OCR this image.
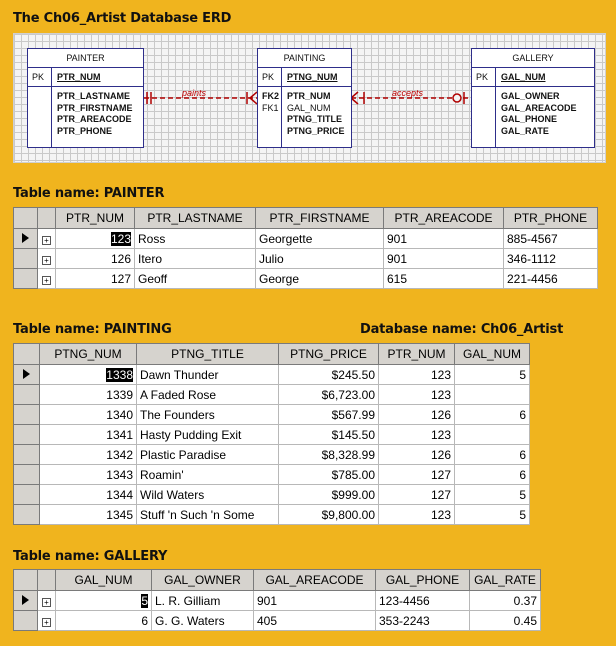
The Ch06_Artist Database ERD
paints	accepts
PAINTER
PK	PTR_NUM
PTR_LASTNAME
PTR_FIRSTNAME
PTR_AREACODE
PTR_PHONE
PAINTING
PK	PTNG_NUM
FK2
FK1
PTR_NUM
GAL_NUM
PTNG_TITLE
PTNG_PRICE
GALLERY
PK	GAL_NUM
GAL_OWNER
GAL_AREACODE
GAL_PHONE
GAL_RATE
Table name: PAINTER
		PTR_NUM	PTR_LASTNAME	PTR_FIRSTNAME	PTR_AREACODE	PTR_PHONE
	+	123	Ross	Georgette	901	885-4567
	+	126	Itero	Julio	901	346-1112
	+	127	Geoff	George	615	221-4456
Table name: PAINTING	Database name: Ch06_Artist
	PTNG_NUM	PTNG_TITLE	PTNG_PRICE	PTR_NUM	GAL_NUM
	1338	Dawn Thunder	$245.50	123	5
	1339	A Faded Rose	$6,723.00	123	
	1340	The Founders	$567.99	126	6
	1341	Hasty Pudding Exit	$145.50	123	
	1342	Plastic Paradise	$8,328.99	126	6
	1343	Roamin'	$785.00	127	6
	1344	Wild Waters	$999.00	127	5
	1345	Stuff 'n Such 'n Some	$9,800.00	123	5
Table name: GALLERY
		GAL_NUM	GAL_OWNER	GAL_AREACODE	GAL_PHONE	GAL_RATE
	+	5	L. R. Gilliam	901	123-4456	0.37
	+	6	G. G. Waters	405	353-2243	0.45
